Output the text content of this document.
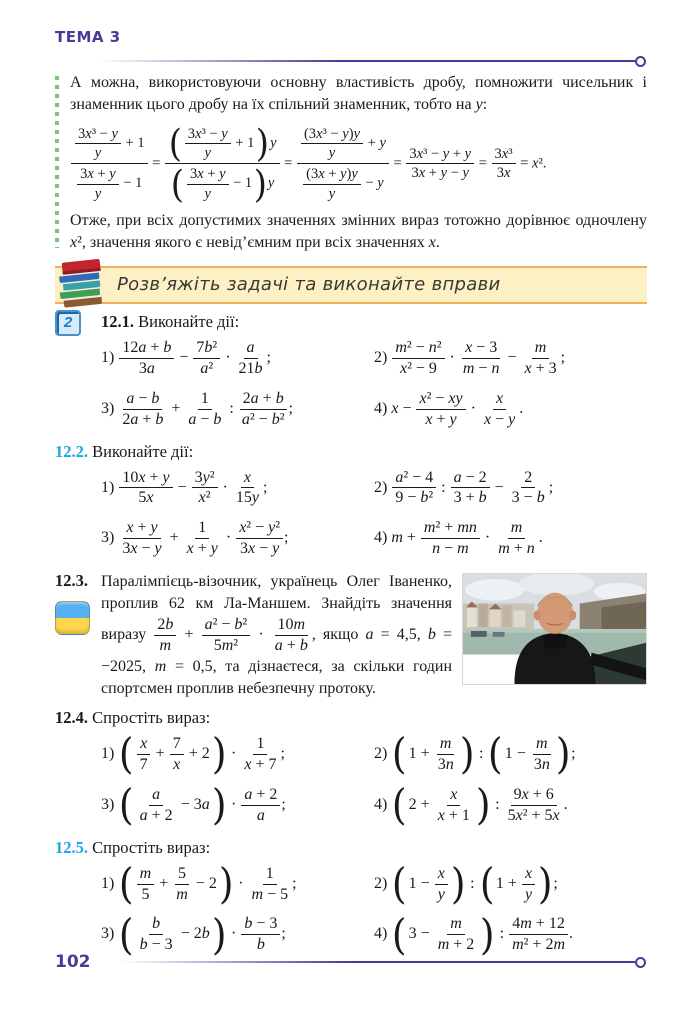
ТЕМА 3

А можна, використовуючи основну властивість дробу, помножити чисельник і знаменник цього дробу на їх спільний знаменник, тобто на y:

$\frac{\frac{\text{3x³ − y}}{y} + 1}{\frac{3x + y}{y} - 1} = \frac{( \frac{\text{3x³ − y}}{y} + 1 ) y}{( \frac{3x + y}{y} - 1 ) y} = \frac{\frac{\text{(3x³ − y)y}}{y} + y}{\frac{(3x + y)y}{y} - y} = \frac{\text{3x³ − y + y}}{3x + y - y} = \frac{\text{3x³}}{3x} = x^2$.

Отже, при всіх допустимих значеннях змінних вираз тотожно дорівнює одночлену x², значення якого є невід’ємним при всіх значеннях x.

Розв’яжіть задачі та виконайте вправи
2	12.1. Виконайте дії:
$1) \frac{12a + b}{3a} - \frac{\text{7b²}}{\text{a²}} \cdot \frac{a}{21b}$ ;	$2) \frac{\text{m² − n²}}{\text{x² − 9}} \cdot \frac{x - 3}{m - n} - \frac{m}{x + 3}$ ;
$3) \frac{a - b}{2a + b} + \frac{1}{a - b}$ : $\frac{2a + b}{\text{a² − b²}}$ ;	4) $x - \frac{\text{x² − xy}}{x + y} \cdot \frac{x}{x - y}$ .
12.2. Виконайте дії:
$1) \frac{10x + y}{5x} - \frac{\text{3y²}}{\text{x²}} \cdot \frac{x}{15y}$ ;	$2) \frac{\text{a² − 4}}{\text{9 − b²}}$ : $\frac{a - 2}{3 + b} - \frac{2}{3 - b}$ ;
$3) \frac{x + y}{3x - y} + \frac{1}{x + y} \cdot \frac{\text{x² − y²}}{3x - y}$ ;	4) $m + \frac{\text{m² + mn}}{n - m} \cdot \frac{m}{m + n}$ .
12.3. Паралімпієць-візочник, українець Олег Іваненко, проплив 62 км Ла-Маншем. Знайдіть значення виразу $\frac{2b}{m} + \frac{\text{a² − b²}}{\text{5m²}} \cdot \frac{10m}{a + b}$ , якщо a = 4,5, b = −2025, m = 0,5, та дізнаєтеся, за скільки годин спортсмен проплив небезпечну протоку.

12.4. Спростіть вираз:
1) ( $\frac{x}{7} + \frac{7}{x} + 2$ ) · $\frac{1}{x + 7}$ ;	2) ( $1 + \frac{m}{3n}$ ) : ( $1 - \frac{m}{3n}$ ) ;
3) ( $\frac{a}{a + 2} - 3a$ ) · $\frac{a + 2}{a}$ ;	4) ( $2 + \frac{x}{x + 1}$ ) : $\frac{9x + 6}{\text{5x² + 5x}}$ .
12.5. Спростіть вираз:
1) ( $\frac{m}{5} + \frac{5}{m} - 2$ ) · $\frac{1}{m - 5}$ ;	2) ( $1 - \frac{x}{y}$ ) : ( $1 + \frac{x}{y}$ ) ;
3) ( $\frac{b}{b - 3} - 2b$ ) · $\frac{b - 3}{b}$ ;	4) ( $3 - \frac{m}{m + 2}$ ) : $\frac{4m + 12}{\text{m² + 2m}}$ .
102
